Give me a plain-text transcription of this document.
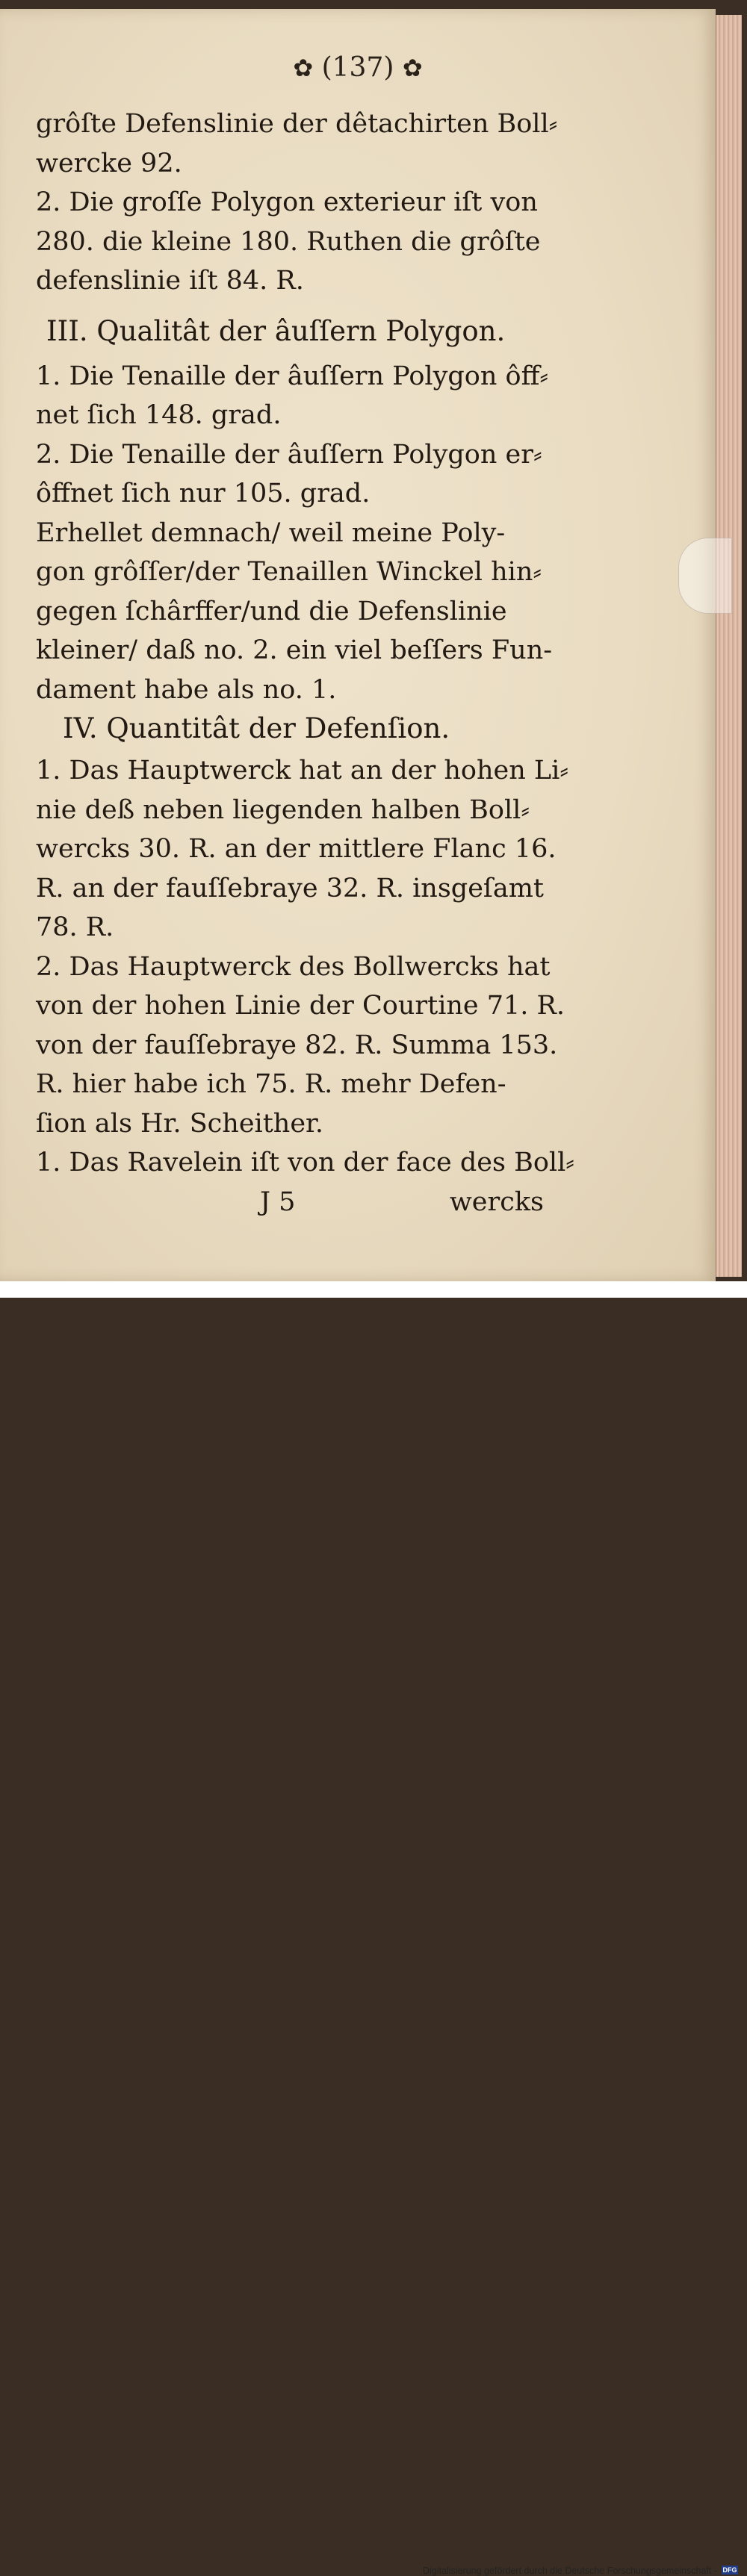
✿ (137) ✿
grôſte Defenslinie der dêtachirten Boll⸗
wercke 92.
2. Die groſſe Polygon exterieur iſt von
280. die kleine 180. Ruthen die grôſte
defenslinie iſt 84. R.
III. Qualitât der âuſſern Polygon.
1. Die Tenaille der âuſſern Polygon ôff⸗
net ſich 148. grad.
2. Die Tenaille der âuſſern Polygon er⸗
ôffnet ſich nur 105. grad.
Erhellet demnach/ weil meine Poly-
gon grôſſer/der Tenaillen Winckel hin⸗
gegen ſchârffer/und die Defenslinie
kleiner/ daß no. 2. ein viel beſſers Fun-
dament habe als no. 1.
IV. Quantitât der Defenſion.
1. Das Hauptwerck hat an der hohen Li⸗
nie deß neben liegenden halben Boll⸗
wercks 30. R. an der mittlere Flanc 16.
R. an der fauſſebraye 32. R. insgeſamt
78. R.
2. Das Hauptwerck des Bollwercks hat
von der hohen Linie der Courtine 71. R.
von der fauſſebraye 82. R. Summa 153.
R. hier habe ich 75. R. mehr Defen-
ſion als Hr. Scheither.
1. Das Ravelein iſt von der face des Boll⸗
J 5	wercks
Digitalisierung gefördert durch die Deutsche Forschungsgemeinschaft - DFG
